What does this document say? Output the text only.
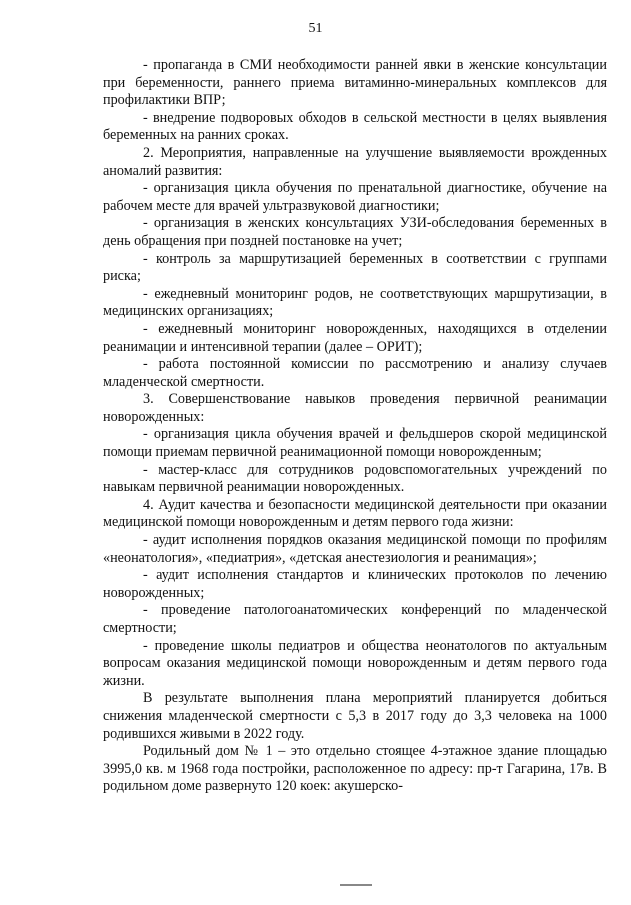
51

- пропаганда в СМИ необходимости ранней явки в женские консультации при беременности, раннего приема витаминно-минеральных комплексов для профилактики ВПР;

- внедрение подворовых обходов в сельской местности в целях выявления беременных на ранних сроках.

2. Мероприятия, направленные на улучшение выявляемости врожденных аномалий развития:

- организация цикла обучения по пренатальной диагностике, обучение на рабочем месте для врачей ультразвуковой диагностики;

- организация в женских консультациях УЗИ-обследования беременных в день обращения при поздней постановке на учет;

- контроль за маршрутизацией беременных в соответствии с группами риска;

- ежедневный мониторинг родов, не соответствующих маршрутизации, в медицинских организациях;

- ежедневный мониторинг новорожденных, находящихся в отделении реанимации и интенсивной терапии (далее – ОРИТ);

- работа постоянной комиссии по рассмотрению и анализу случаев младенческой смертности.

3. Совершенствование навыков проведения первичной реанимации новорожденных:

- организация цикла обучения врачей и фельдшеров скорой медицинской помощи приемам первичной реанимационной помощи новорожденным;

- мастер-класс для сотрудников родовспомогательных учреждений по навыкам первичной реанимации новорожденных.

4. Аудит качества и безопасности медицинской деятельности при оказании медицинской помощи новорожденным и детям первого года жизни:

- аудит исполнения порядков оказания медицинской помощи по профилям «неонатология», «педиатрия», «детская анестезиология и реанимация»;

- аудит исполнения стандартов и клинических протоколов по лечению новорожденных;

- проведение патологоанатомических конференций по младенческой смертности;

- проведение школы педиатров и общества неонатологов по актуальным вопросам оказания медицинской помощи новорожденным и детям первого года жизни.

В результате выполнения плана мероприятий планируется добиться снижения младенческой смертности с 5,3 в 2017 году до 3,3 человека на 1000 родившихся живыми в 2022 году.

Родильный дом № 1 – это отдельно стоящее 4-этажное здание площадью 3995,0 кв. м 1968 года постройки, расположенное по адресу: пр-т Гагарина, 17в. В родильном доме развернуто 120 коек: акушерско-
